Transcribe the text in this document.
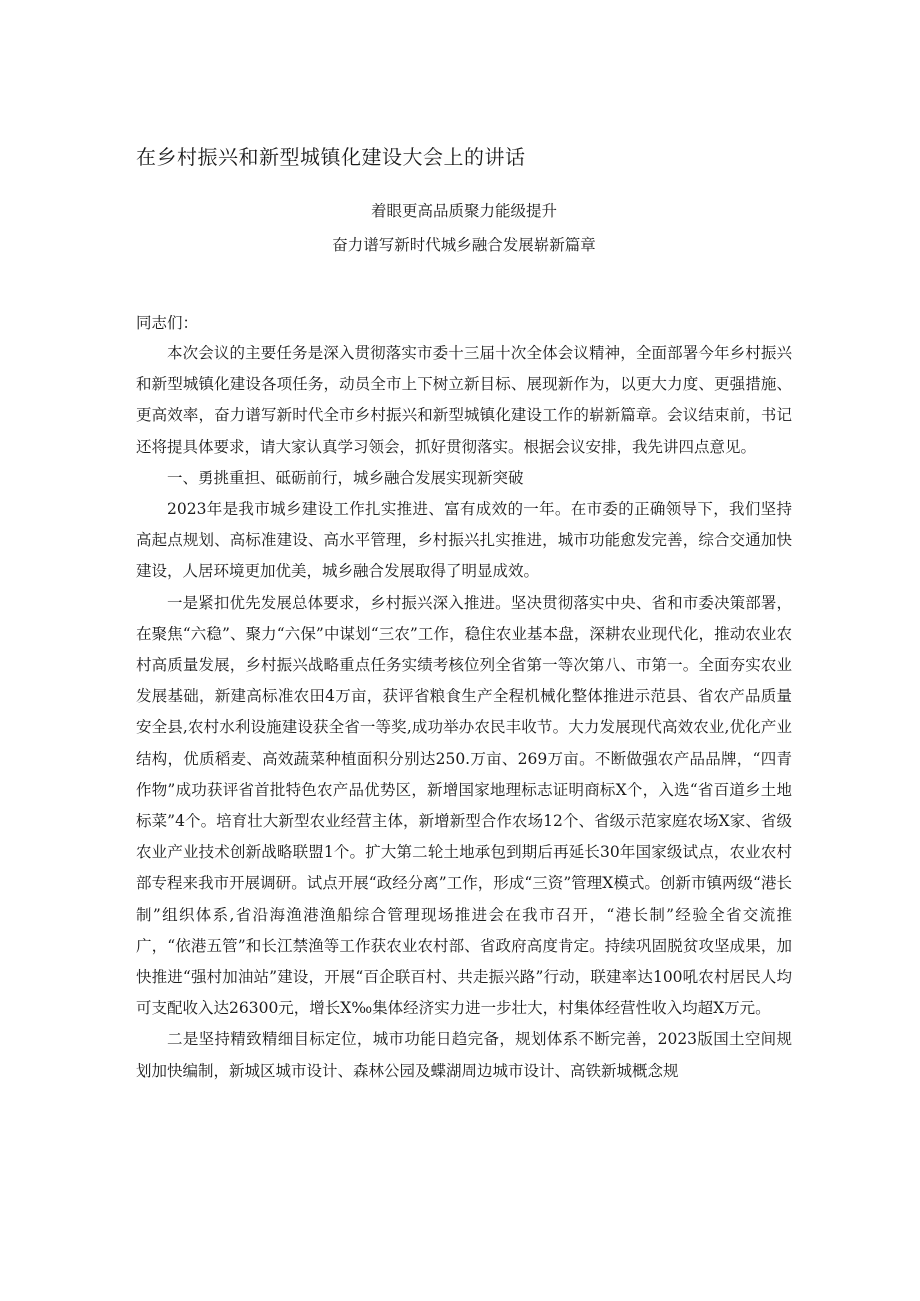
在乡村振兴和新型城镇化建设大会上的讲话

着眼更高品质聚力能级提升

奋力谱写新时代城乡融合发展崭新篇章

同志们：

本次会议的主要任务是深入贯彻落实市委十三届十次全体会议精神，全面部署今年乡村振兴和新型城镇化建设各项任务，动员全市上下树立新目标、展现新作为，以更大力度、更强措施、更高效率，奋力谱写新时代全市乡村振兴和新型城镇化建设工作的崭新篇章。会议结束前，书记还将提具体要求，请大家认真学习领会，抓好贯彻落实。根据会议安排，我先讲四点意见。

一、勇挑重担、砥砺前行，城乡融合发展实现新突破

2023年是我市城乡建设工作扎实推进、富有成效的一年。在市委的正确领导下，我们坚持高起点规划、高标准建设、高水平管理，乡村振兴扎实推进，城市功能愈发完善，综合交通加快建设，人居环境更加优美，城乡融合发展取得了明显成效。

一是紧扣优先发展总体要求，乡村振兴深入推进。坚决贯彻落实中央、省和市委决策部署，在聚焦“六稳”、聚力“六保”中谋划“三农”工作，稳住农业基本盘，深耕农业现代化，推动农业农村高质量发展，乡村振兴战略重点任务实绩考核位列全省第一等次第八、市第一。全面夯实农业发展基础，新建高标准农田4万亩，获评省粮食生产全程机械化整体推进示范县、省农产品质量安全县,农村水利设施建设获全省一等奖,成功举办农民丰收节。大力发展现代高效农业,优化产业结构，优质稻麦、高效蔬菜种植面积分别达250.万亩、269万亩。不断做强农产品品牌，“四青作物”成功获评省首批特色农产品优势区，新增国家地理标志证明商标X个，入选“省百道乡土地标菜”4个。培育壮大新型农业经营主体，新增新型合作农场12个、省级示范家庭农场X家、省级农业产业技术创新战略联盟1个。扩大第二轮土地承包到期后再延长30年国家级试点，农业农村部专程来我市开展调研。试点开展“政经分离”工作，形成“三资”管理X模式。创新市镇两级“港长制”组织体系,省沿海渔港渔船综合管理现场推进会在我市召开，“港长制”经验全省交流推广，“依港五管”和长江禁渔等工作获农业农村部、省政府高度肯定。持续巩固脱贫攻坚成果，加快推进“强村加油站”建设，开展“百企联百村、共走振兴路”行动，联建率达100吼农村居民人均可支配收入达26300元，增长X‰集体经济实力进一步壮大，村集体经营性收入均超X万元。

二是坚持精致精细目标定位，城市功能日趋完备，规划体系不断完善，2023版国土空间规划加快编制，新城区城市设计、森林公园及蝶湖周边城市设计、高铁新城概念规
